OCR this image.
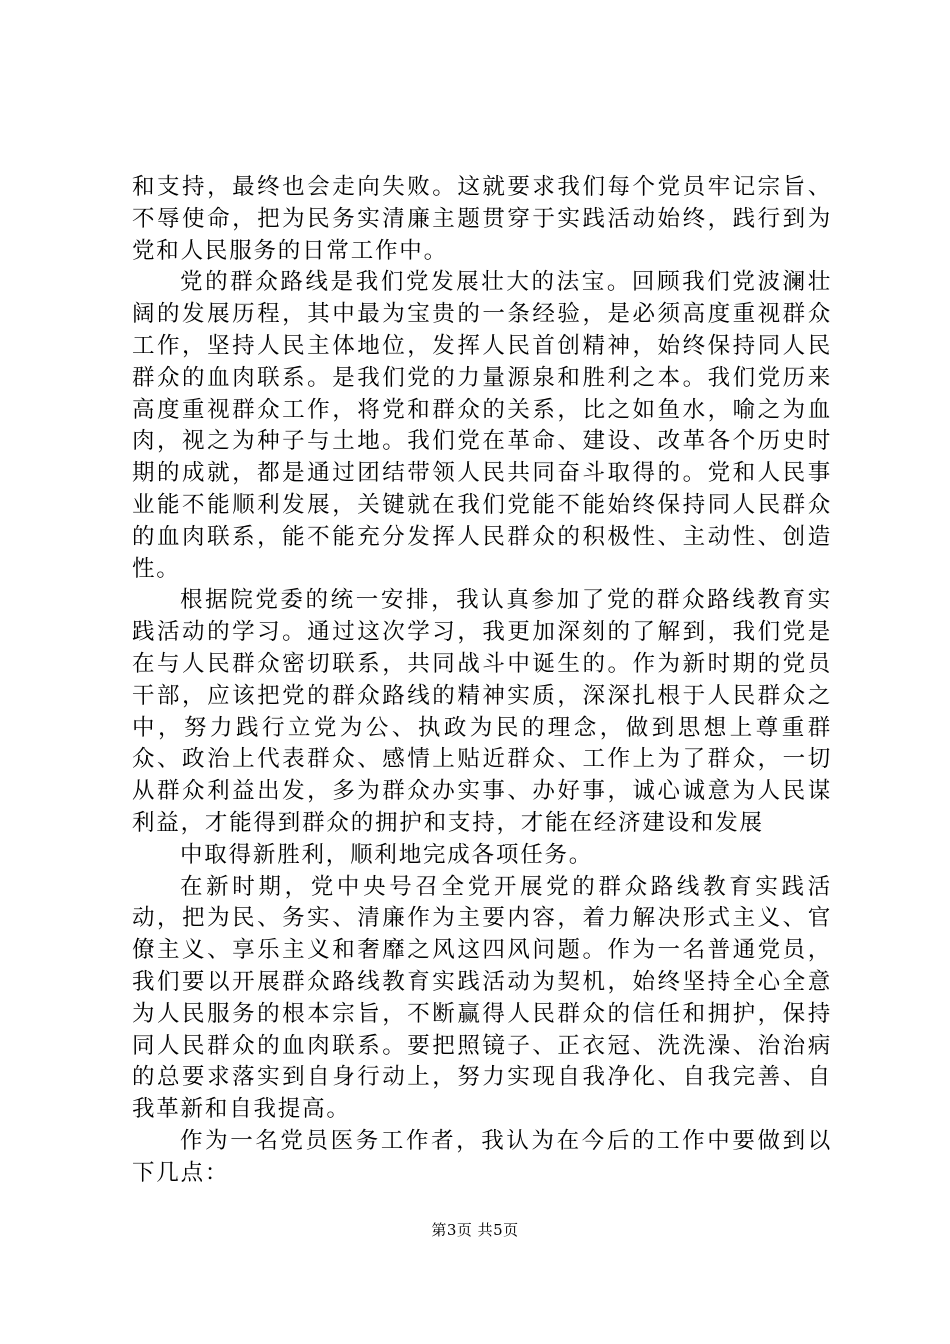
和支持，最终也会走向失败。这就要求我们每个党员牢记宗旨、不辱使命，把为民务实清廉主题贯穿于实践活动始终，践行到为党和人民服务的日常工作中。

党的群众路线是我们党发展壮大的法宝。回顾我们党波澜壮阔的发展历程，其中最为宝贵的一条经验，是必须高度重视群众工作，坚持人民主体地位，发挥人民首创精神，始终保持同人民群众的血肉联系。是我们党的力量源泉和胜利之本。我们党历来高度重视群众工作，将党和群众的关系，比之如鱼水，喻之为血肉，视之为种子与土地。我们党在革命、建设、改革各个历史时期的成就，都是通过团结带领人民共同奋斗取得的。党和人民事业能不能顺利发展，关键就在我们党能不能始终保持同人民群众的血肉联系，能不能充分发挥人民群众的积极性、主动性、创造性。

根据院党委的统一安排，我认真参加了党的群众路线教育实践活动的学习。通过这次学习，我更加深刻的了解到，我们党是在与人民群众密切联系，共同战斗中诞生的。作为新时期的党员干部，应该把党的群众路线的精神实质，深深扎根于人民群众之中，努力践行立党为公、执政为民的理念，做到思想上尊重群众、政治上代表群众、感情上贴近群众、工作上为了群众，一切从群众利益出发，多为群众办实事、办好事，诚心诚意为人民谋利益，才能得到群众的拥护和支持，才能在经济建设和发展

中取得新胜利，顺利地完成各项任务。

在新时期，党中央号召全党开展党的群众路线教育实践活动，把为民、务实、清廉作为主要内容，着力解决形式主义、官僚主义、享乐主义和奢靡之风这四风问题。作为一名普通党员，我们要以开展群众路线教育实践活动为契机，始终坚持全心全意为人民服务的根本宗旨，不断赢得人民群众的信任和拥护，保持同人民群众的血肉联系。要把照镜子、正衣冠、洗洗澡、治治病的总要求落实到自身行动上，努力实现自我净化、自我完善、自我革新和自我提高。

作为一名党员医务工作者，我认为在今后的工作中要做到以下几点：

第3页 共5页
